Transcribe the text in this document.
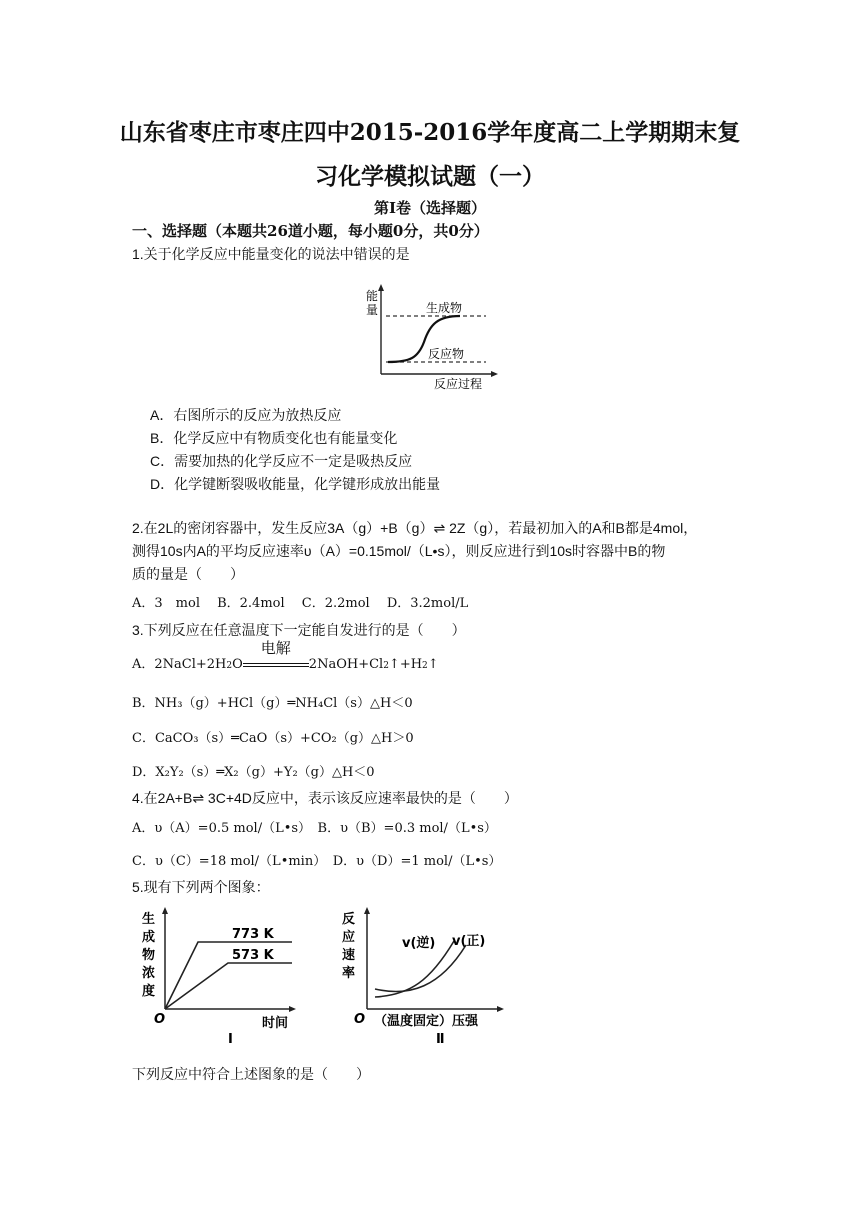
山东省枣庄市枣庄四中2015-2016学年度高二上学期期末复
习化学模拟试题（一）
第Ⅰ卷（选择题）
一、选择题（本题共26道小题，每小题0分，共0分）
1.关于化学反应中能量变化的说法中错误的是
能
量	生成物
反应物
反应过程
A．右图所示的反应为放热反应
B．化学反应中有物质变化也有能量变化
C．需要加热的化学反应不一定是吸热反应
D．化学键断裂吸收能量，化学键形成放出能量
2.在2L的密闭容器中，发生反应3A（g）+B（g）⇌ 2Z（g），若最初加入的A和B都是4mol，
测得10s内A的平均反应速率υ（A）=0.15mol/（L•s），则反应进行到10s时容器中B的物
质的量是（　　）
A．3　mol　 B．2.4mol　 C．2.2mol　 D．3.2mol/L
3.下列反应在任意温度下一定能自发进行的是（　　）
A．2NaCl+2H2O
电解
2NaOH+Cl2↑+H2↑
B．NH₃（g）+HCl（g）═NH₄Cl（s）△H＜0
C．CaCO₃（s）═CaO（s）+CO₂（g）△H＞0
D．X₂Y₂（s）═X₂（g）+Y₂（g）△H＜0
4.在2A+B⇌ 3C+4D反应中，表示该反应速率最快的是（　　）
A．υ（A）=0.5 mol/（L•s）　B．υ（B）=0.3 mol/（L•s）
C．υ（C）=18 mol/（L•min）　D．υ（D）=1 mol/（L•s）
5.现有下列两个图象：
生
成
物
浓
度
773 K
573 K
O	时间
Ⅰ
反
应
速
率
v(逆) v(正)
O （温度固定）压强
Ⅱ
下列反应中符合上述图象的是（　　）
